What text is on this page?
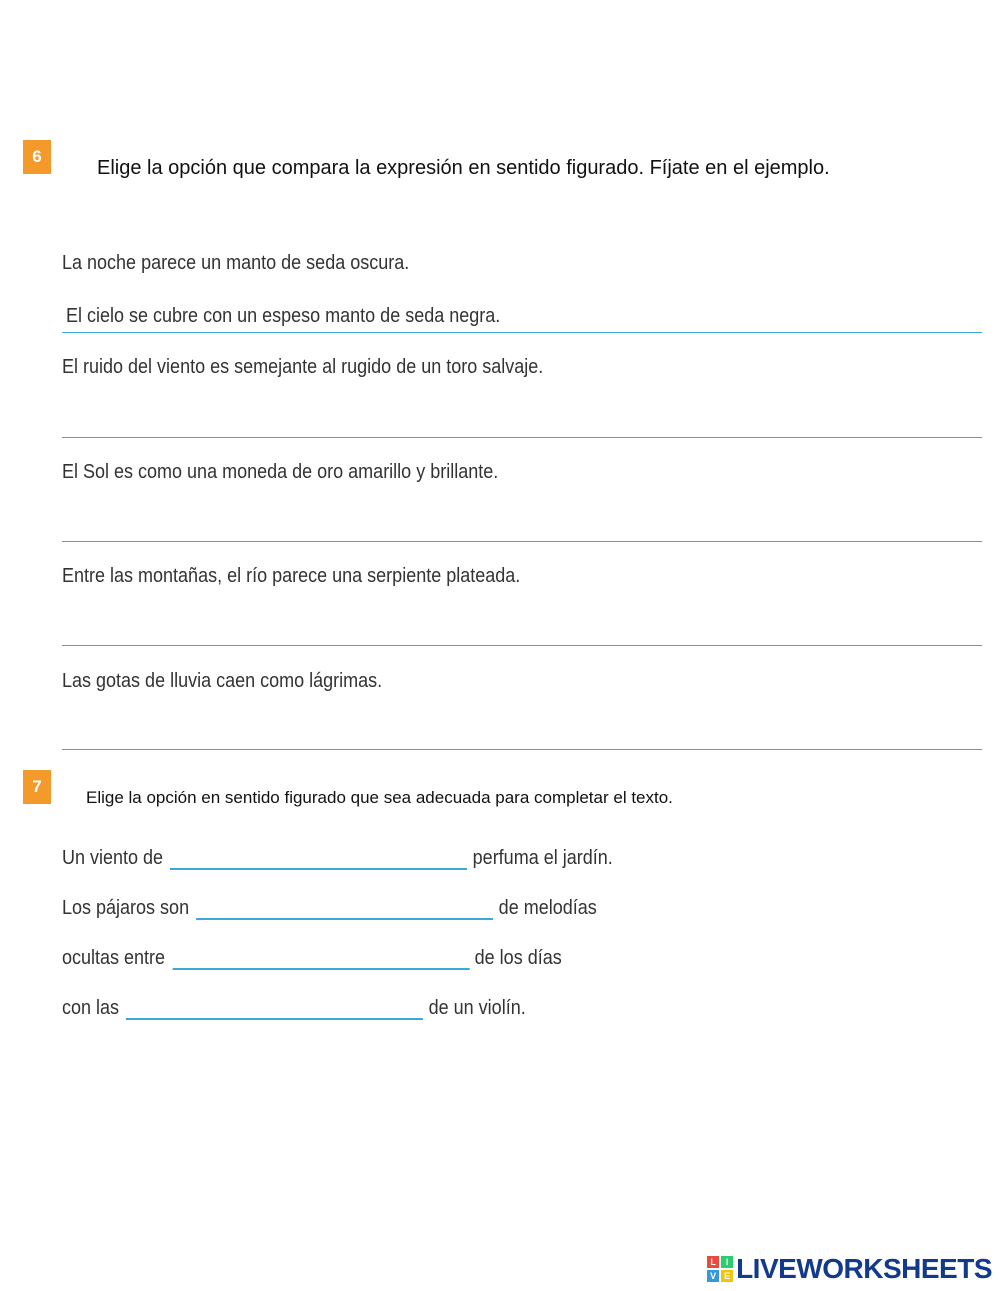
6
Elige la opción que compara la expresión en sentido figurado. Fíjate en el ejemplo.
La noche parece un manto de seda oscura.
El cielo se cubre con un espeso manto de seda negra.
El ruido del viento es semejante al rugido de un toro salvaje.
El Sol es como una moneda de oro amarillo y brillante.
Entre las montañas, el río parece una serpiente plateada.
Las gotas de lluvia caen como lágrimas.
7
Elige la opción en sentido figurado que sea adecuada para completar el texto.
Un viento de	perfuma el jardín.
Los pájaros son	de melodías
ocultas entre	de los días
con las	de un violín.
L	I
V E LIVEWORKSHEETS
